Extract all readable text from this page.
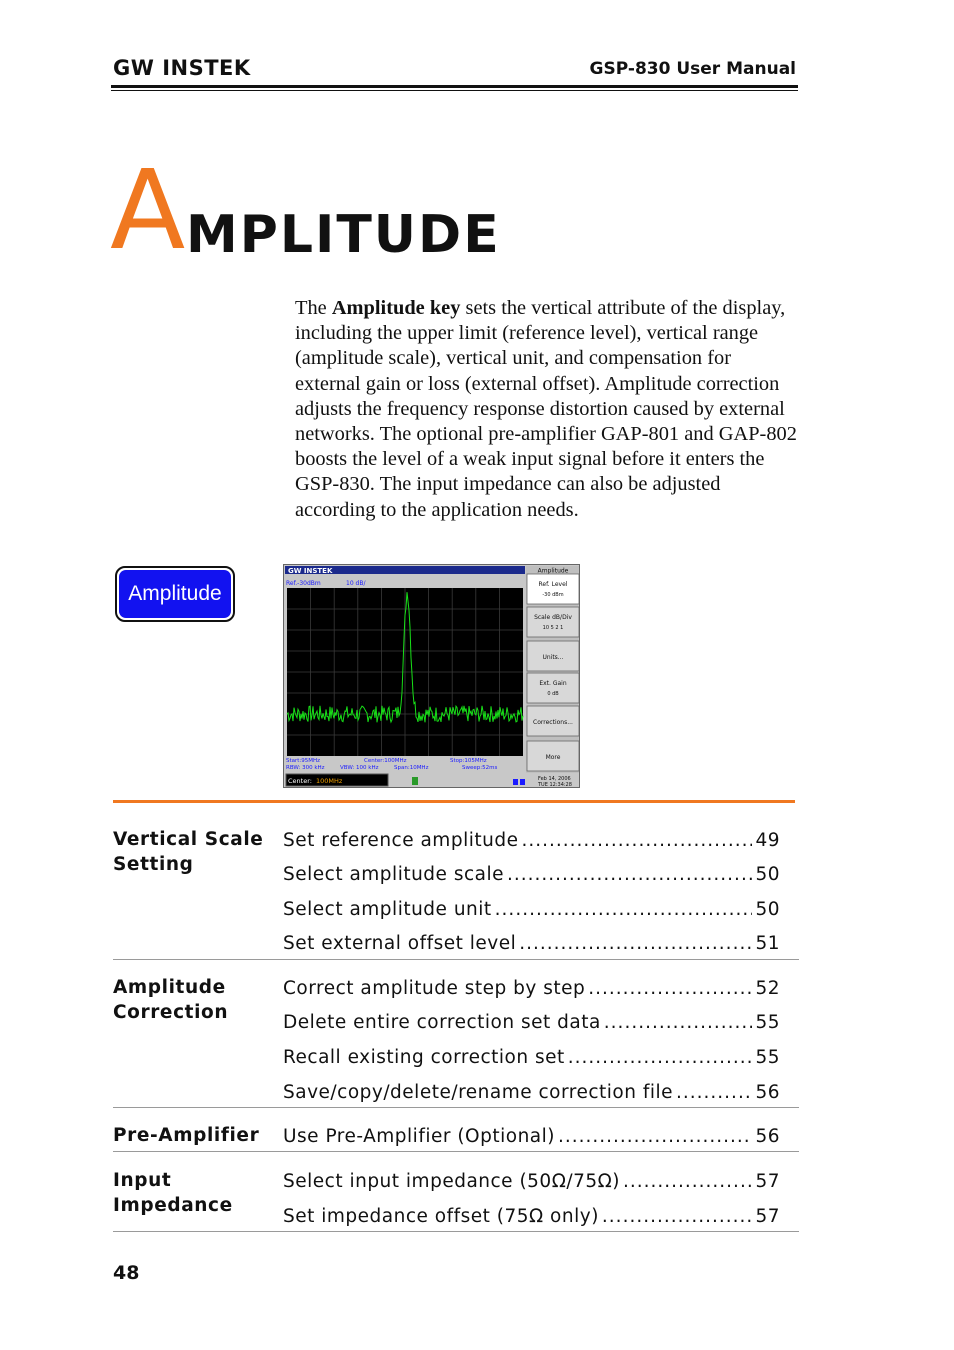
GW INSTEK	GSP-830 User Manual
A MPLITUDE
The Amplitude key sets the vertical attribute of the display, including the upper limit (reference level), vertical range (amplitude scale), vertical unit, and compensation for external gain or loss (external offset). Amplitude correction adjusts the frequency response distortion caused by external networks. The optional pre-amplifier GAP-801 and GAP-802 boosts the level of a weak input signal before it enters the GSP-830. The input impedance can also be adjusted according to the application needs.
Amplitude
GW INSTEK
Ref.-30dBm	10 dB/
Start:95MHz	Center:100MHz	Stop:105MHz
RBW: 300 kHz	VBW: 100 kHz	Span:10MHz	Sweep:52ms
Center: 100MHz	Feb 14, 2006
TUE 12:34:28
Amplitude
Ref. Level
-30 dBm
Scale dB/Div
10 5 2 1
Units...
Ext. Gain
0 dB
Corrections...
More
Vertical Scale
Setting
Set reference amplitude .....	49
Select amplitude scale .....	50
Select amplitude unit .....	50
Set external offset level .....	51
Amplitude
Correction
Correct amplitude step by step .....	52
Delete entire correction set data .....	55
Recall existing correction set .....	55
Save/copy/delete/rename correction file .....	56
Pre-Amplifier	Use Pre-Amplifier (Optional) .....	56
Input
Impedance
Select input impedance (50Ω/75Ω) .....	57
Set impedance offset (75Ω only) .....	57
48
